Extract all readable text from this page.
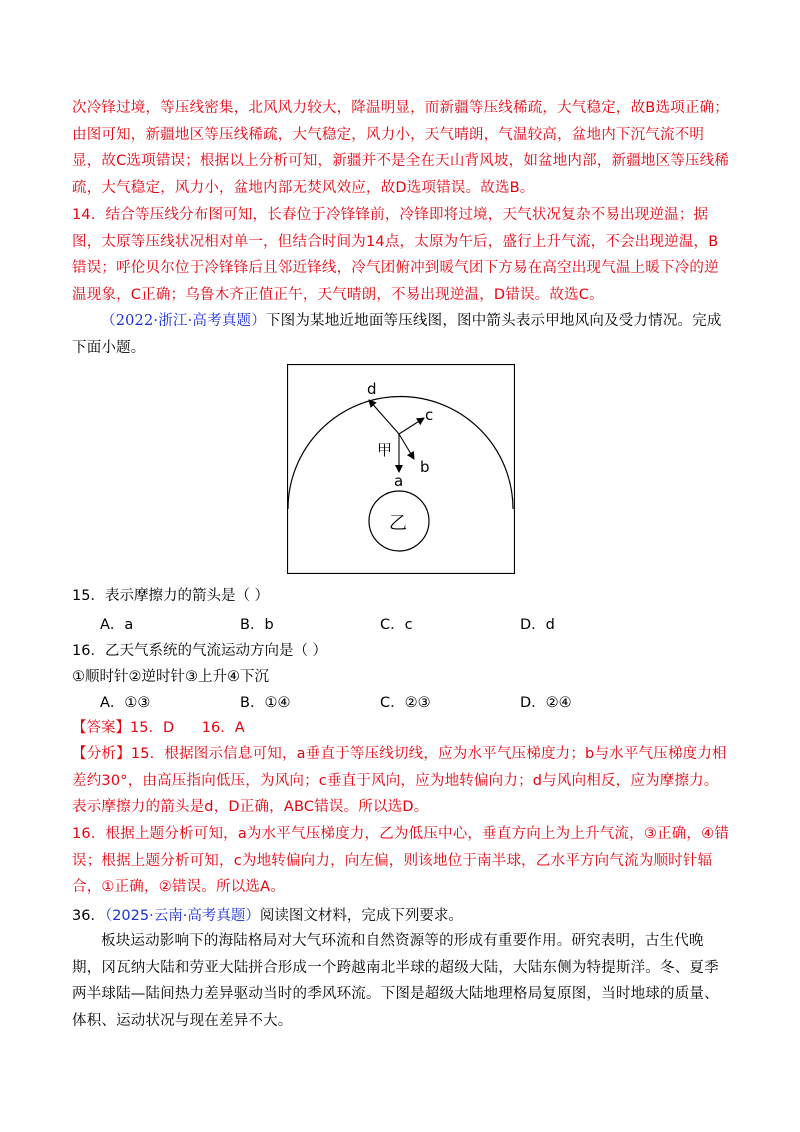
次冷锋过境，等压线密集，北风风力较大，降温明显，而新疆等压线稀疏，大气稳定，故B选项正确；由图可知，新疆地区等压线稀疏，大气稳定，风力小，天气晴朗，气温较高，盆地内下沉气流不明显，故C选项错误；根据以上分析可知，新疆并不是全在天山背风坡，如盆地内部，新疆地区等压线稀疏，大气稳定，风力小，盆地内部无焚风效应，故D选项错误。故选B。
14．结合等压线分布图可知，长春位于冷锋锋前，冷锋即将过境，天气状况复杂不易出现逆温；据图，太原等压线状况相对单一，但结合时间为14点，太原为午后，盛行上升气流，不会出现逆温，B错误；呼伦贝尔位于冷锋锋后且邻近锋线，冷气团俯冲到暖气团下方易在高空出现气温上暖下冷的逆温现象，C正确；乌鲁木齐正值正午，天气晴朗，不易出现逆温，D错误。故选C。
（2022·浙江·高考真题）下图为某地近地面等压线图，图中箭头表示甲地风向及受力情况。完成下面小题。
d
c
b
a
甲
乙
15．表示摩擦力的箭头是（ ）
A．a	B．b	C．c	D．d
16．乙天气系统的气流运动方向是（ ）
①顺时针②逆时针③上升④下沉
A．①③	B．①④	C．②③	D．②④
【答案】15．D      16．A
【分析】15．根据图示信息可知，a垂直于等压线切线，应为水平气压梯度力；b与水平气压梯度力相差约30°，由高压指向低压，为风向；c垂直于风向，应为地转偏向力；d与风向相反，应为摩擦力。表示摩擦力的箭头是d，D正确，ABC错误。所以选D。
16．根据上题分析可知，a为水平气压梯度力，乙为低压中心，垂直方向上为上升气流，③正确，④错误；根据上题分析可知，c为地转偏向力，向左偏，则该地位于南半球，乙水平方向气流为顺时针辐合，①正确，②错误。所以选A。
36．（2025·云南·高考真题）阅读图文材料，完成下列要求。
板块运动影响下的海陆格局对大气环流和自然资源等的形成有重要作用。研究表明，古生代晚期，冈瓦纳大陆和劳亚大陆拼合形成一个跨越南北半球的超级大陆，大陆东侧为特提斯洋。冬、夏季两半球陆—陆间热力差异驱动当时的季风环流。下图是超级大陆地理格局复原图，当时地球的质量、体积、运动状况与现在差异不大。
